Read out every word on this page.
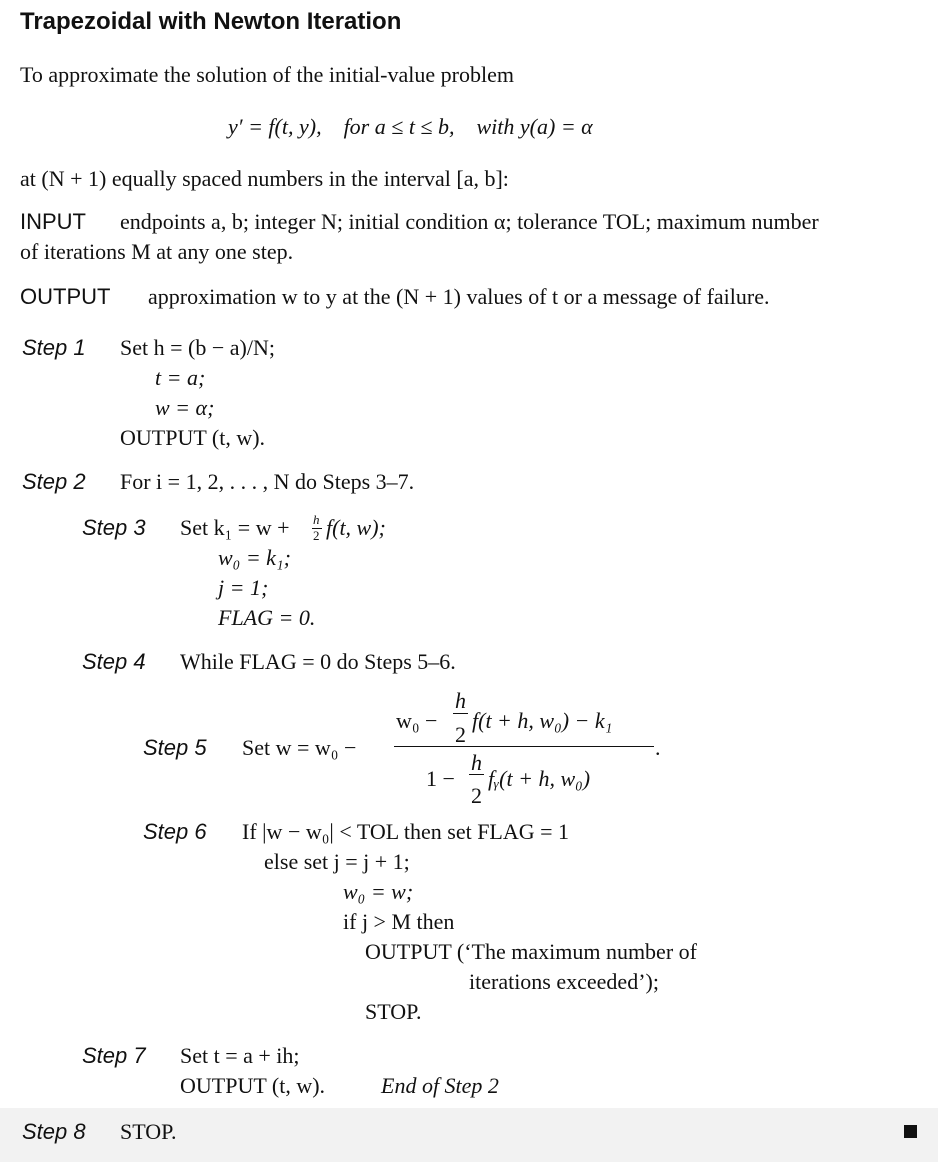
Trapezoidal with Newton Iteration
To approximate the solution of the initial-value problem
y′ = f(t, y),    for a ≤ t ≤ b,    with y(a) = α
at (N + 1) equally spaced numbers in the interval [a, b]:
INPUT endpoints a, b; integer N; initial condition α; tolerance TOL; maximum number
of iterations M at any one step.
OUTPUT approximation w to y at the (N + 1) values of t or a message of failure.
Step 1 Set h = (b − a)/N;
t = a;
w = α;
OUTPUT (t, w).
Step 2 For i = 1, 2, . . . , N do Steps 3–7.
Step 3 Set k₁ = w + h
2 f(t, w);
w₀ = k₁;
j = 1;
FLAG = 0.
Step 4 While FLAG = 0 do Steps 5–6.
Step 5 Set w = w₀ −
w₀ −
h
2
f(t + h, w₀) − k₁
.
1 −
h
2
fᵧ(t + h, w₀)
Step 6 If |w − w₀| < TOL then set FLAG = 1
else set j = j + 1;
w₀ = w;
if j > M then
OUTPUT (‘The maximum number of
iterations exceeded’);
STOP.
Step 7 Set t = a + ih;
OUTPUT (t, w).	End of Step 2
Step 8 STOP.
